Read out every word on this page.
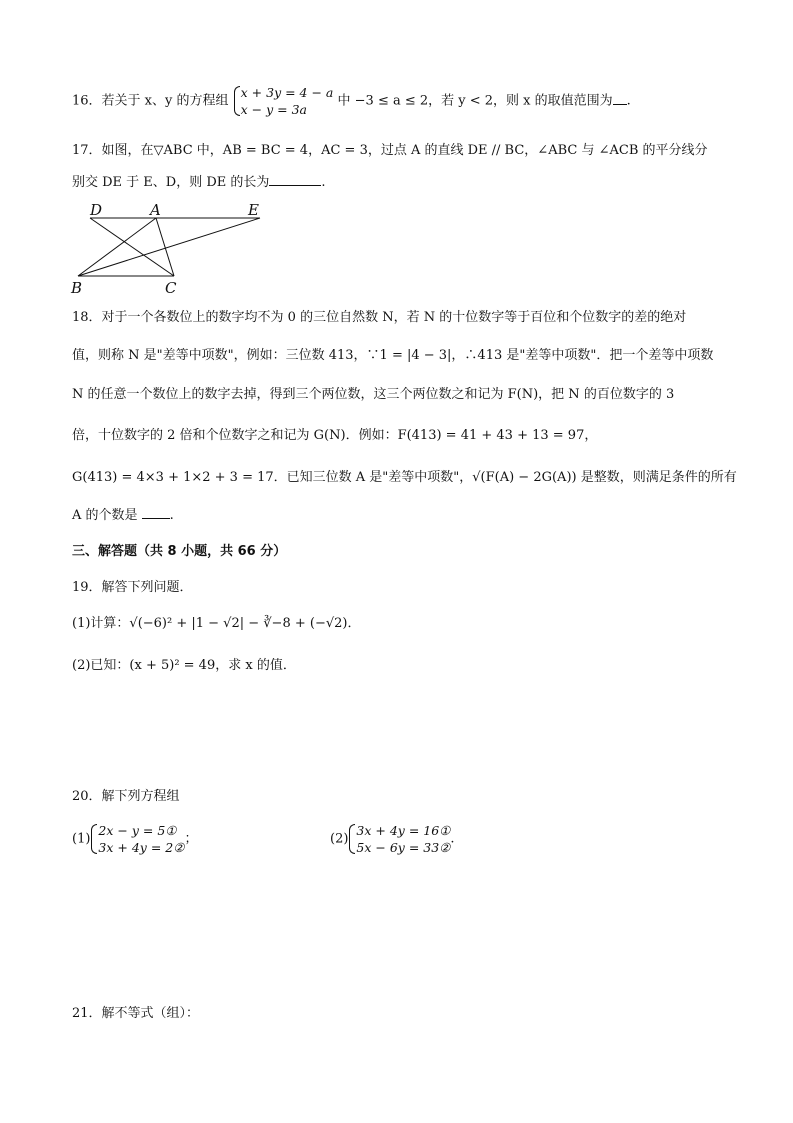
16．若关于 x、y 的方程组
x + 3y = 4 − a
x − y = 3a
中 −3 ≤ a ≤ 2，若 y < 2，则 x 的取值范围为 .
17．如图，在▽ABC 中，AB = BC = 4，AC = 3，过点 A 的直线 DE // BC，∠ABC 与 ∠ACB 的平分线分
别交 DE 于 E、D，则 DE 的长为	.
D	A	E
B	C
18．对于一个各数位上的数字均不为 0 的三位自然数 N，若 N 的十位数字等于百位和个位数字的差的绝对
值，则称 N 是"差等中项数"，例如：三位数 413，∵1 = |4 − 3|，∴413 是"差等中项数"．把一个差等中项数
N 的任意一个数位上的数字去掉，得到三个两位数，这三个两位数之和记为 F(N)，把 N 的百位数字的 3
倍，十位数字的 2 倍和个位数字之和记为 G(N)．例如：F(413) = 41 + 43 + 13 = 97，
G(413) = 4×3 + 1×2 + 3 = 17．已知三位数 A 是"差等中项数"，√(F(A) − 2G(A)) 是整数，则满足条件的所有
A 的个数是 .
三、解答题（共 8 小题，共 66 分）
19．解答下列问题．
(1)计算：√(−6)² + |1 − √2| − ∛−8 + (−√2)．
(2)已知：(x + 5)² = 49，求 x 的值．
20．解下列方程组
(1)
2x − y = 5①
3x + 4y = 2②
；	(2)
3x + 4y = 16①
5x − 6y = 33②
.
21．解不等式（组）：
